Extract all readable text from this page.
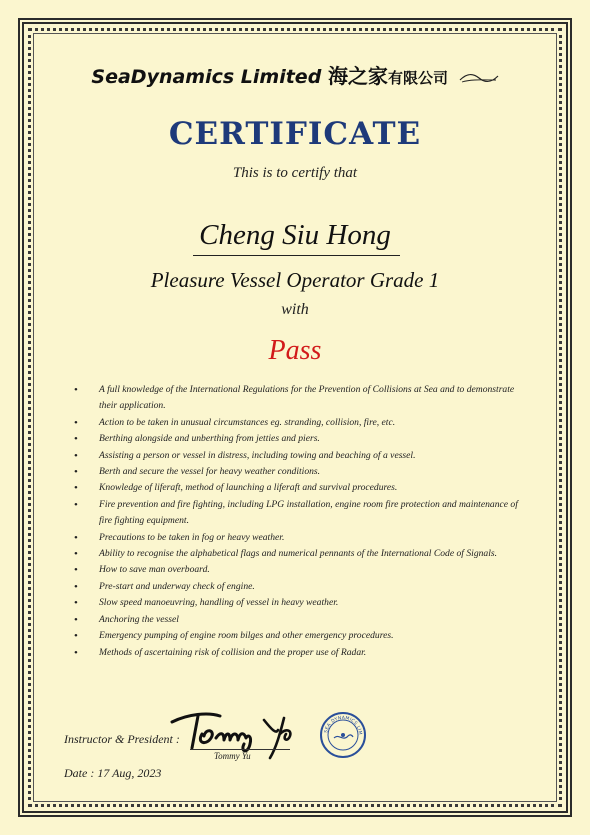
SeaDynamics Limited 海之家有限公司
CERTIFICATE
This is to certify that
Cheng Siu Hong
Pleasure Vessel Operator Grade 1
with
Pass
• A full knowledge of the International Regulations for the Prevention of Collisions at Sea and to demonstrate their application.
• Action to be taken in unusual circumstances eg. stranding, collision, fire, etc.
• Berthing alongside and unberthing from jetties and piers.
• Assisting a person or vessel in distress, including towing and beaching of a vessel.
• Berth and secure the vessel for heavy weather conditions.
• Knowledge of liferaft, method of launching a liferaft and survival procedures.
• Fire prevention and fire fighting, including LPG installation, engine room fire protection and maintenance of fire fighting equipment.
• Precautions to be taken in fog or heavy weather.
• Ability to recognise the alphabetical flags and numerical pennants of the International Code of Signals.
• How to save man overboard.
• Pre-start and underway check of engine.
• Slow speed manoeuvring, handling of vessel in heavy weather.
• Anchoring the vessel
• Emergency pumping of engine room bilges and other emergency procedures.
• Methods of ascertaining risk of collision and the proper use of Radar.
Instructor & President :
Tommy Yu
SEA DYNAMICS LIM
Date : 17 Aug, 2023
